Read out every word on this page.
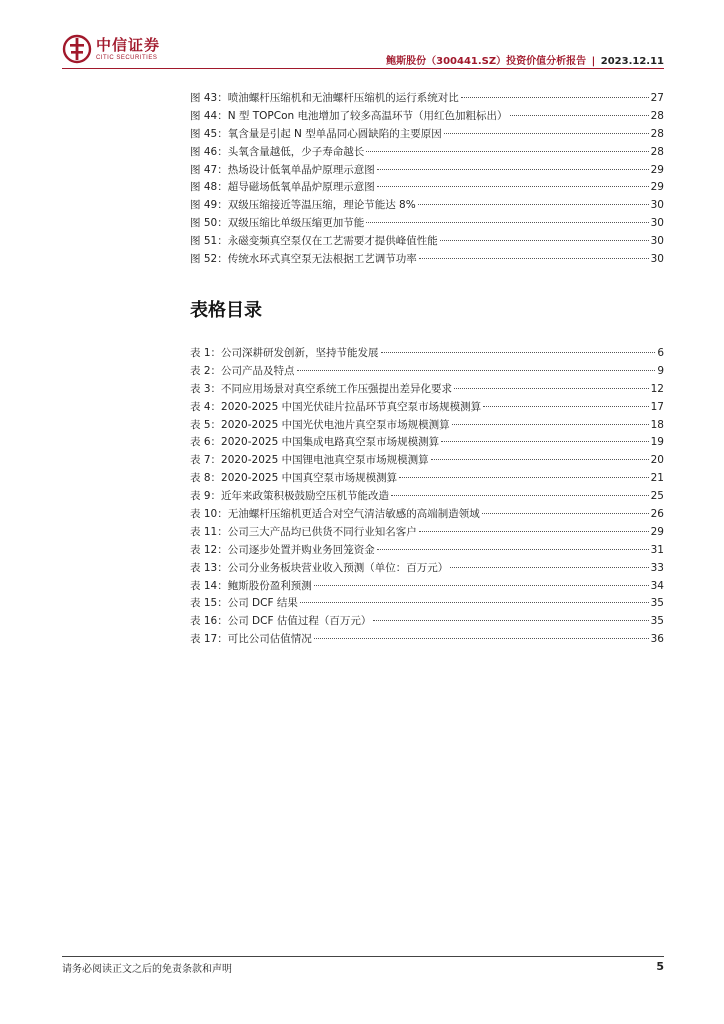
中信证券
CITIC SECURITIES	鲍斯股份（300441.SZ）投资价值分析报告 | 2023.12.11
图 43：喷油螺杆压缩机和无油螺杆压缩机的运行系统对比	27
图 44：N 型 TOPCon 电池增加了较多高温环节（用红色加粗标出）	28
图 45：氧含量是引起 N 型单晶同心圆缺陷的主要原因	28
图 46：头氧含量越低，少子寿命越长	28
图 47：热场设计低氧单晶炉原理示意图	29
图 48：超导磁场低氧单晶炉原理示意图	29
图 49：双级压缩接近等温压缩，理论节能达 8%	30
图 50：双级压缩比单级压缩更加节能	30
图 51：永磁变频真空泵仅在工艺需要才提供峰值性能	30
图 52：传统水环式真空泵无法根据工艺调节功率	30
表格目录
表 1：公司深耕研发创新，坚持节能发展	6
表 2：公司产品及特点	9
表 3：不同应用场景对真空系统工作压强提出差异化要求	12
表 4：2020-2025 中国光伏硅片拉晶环节真空泵市场规模测算	17
表 5：2020-2025 中国光伏电池片真空泵市场规模测算	18
表 6：2020-2025 中国集成电路真空泵市场规模测算	19
表 7：2020-2025 中国锂电池真空泵市场规模测算	20
表 8：2020-2025 中国真空泵市场规模测算	21
表 9：近年来政策积极鼓励空压机节能改造	25
表 10：无油螺杆压缩机更适合对空气清洁敏感的高端制造领域	26
表 11：公司三大产品均已供货不同行业知名客户	29
表 12：公司逐步处置并购业务回笼资金	31
表 13：公司分业务板块营业收入预测（单位：百万元）	33
表 14：鲍斯股份盈利预测	34
表 15：公司 DCF 结果	35
表 16：公司 DCF 估值过程（百万元）	35
表 17：可比公司估值情况	36
请务必阅读正文之后的免责条款和声明	5
